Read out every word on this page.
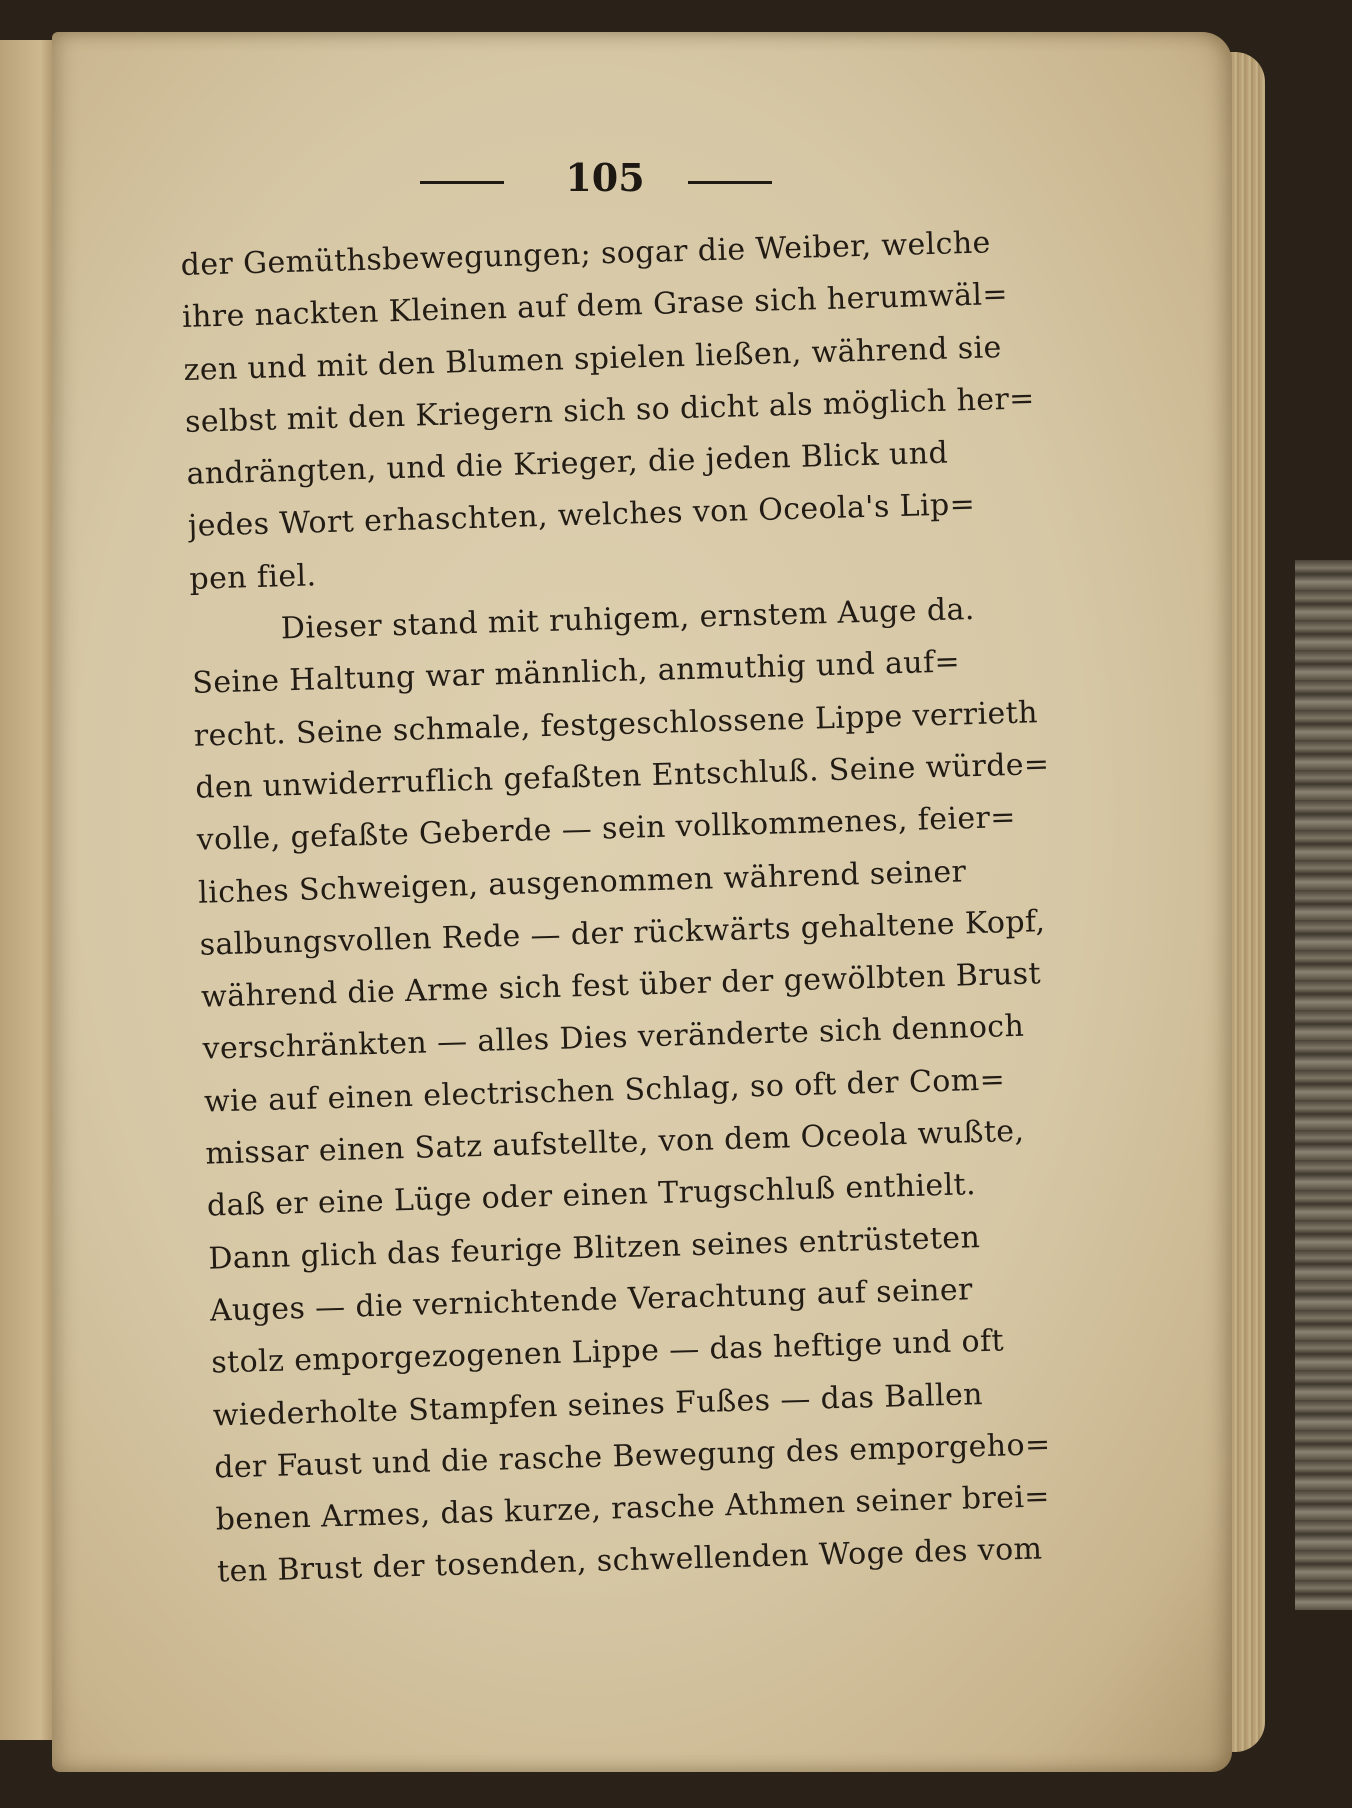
105
der Gemüthsbewegungen; sogar die Weiber, welche
ihre nackten Kleinen auf dem Grase sich herumwäl=
zen und mit den Blumen spielen ließen, während sie
selbst mit den Kriegern sich so dicht als möglich her=
andrängten, und die Krieger, die jeden Blick und
jedes Wort erhaschten, welches von Oceola's Lip=
pen fiel.
Dieser stand mit ruhigem, ernstem Auge da.
Seine Haltung war männlich, anmuthig und auf=
recht. Seine schmale, festgeschlossene Lippe verrieth
den unwiderruflich gefaßten Entschluß. Seine würde=
volle, gefaßte Geberde — sein vollkommenes, feier=
liches Schweigen, ausgenommen während seiner
salbungsvollen Rede — der rückwärts gehaltene Kopf,
während die Arme sich fest über der gewölbten Brust
verschränkten — alles Dies veränderte sich dennoch
wie auf einen electrischen Schlag, so oft der Com=
missar einen Satz aufstellte, von dem Oceola wußte,
daß er eine Lüge oder einen Trugschluß enthielt.
Dann glich das feurige Blitzen seines entrüsteten
Auges — die vernichtende Verachtung auf seiner
stolz emporgezogenen Lippe — das heftige und oft
wiederholte Stampfen seines Fußes — das Ballen
der Faust und die rasche Bewegung des emporgeho=
benen Armes, das kurze, rasche Athmen seiner brei=
ten Brust der tosenden, schwellenden Woge des vom
